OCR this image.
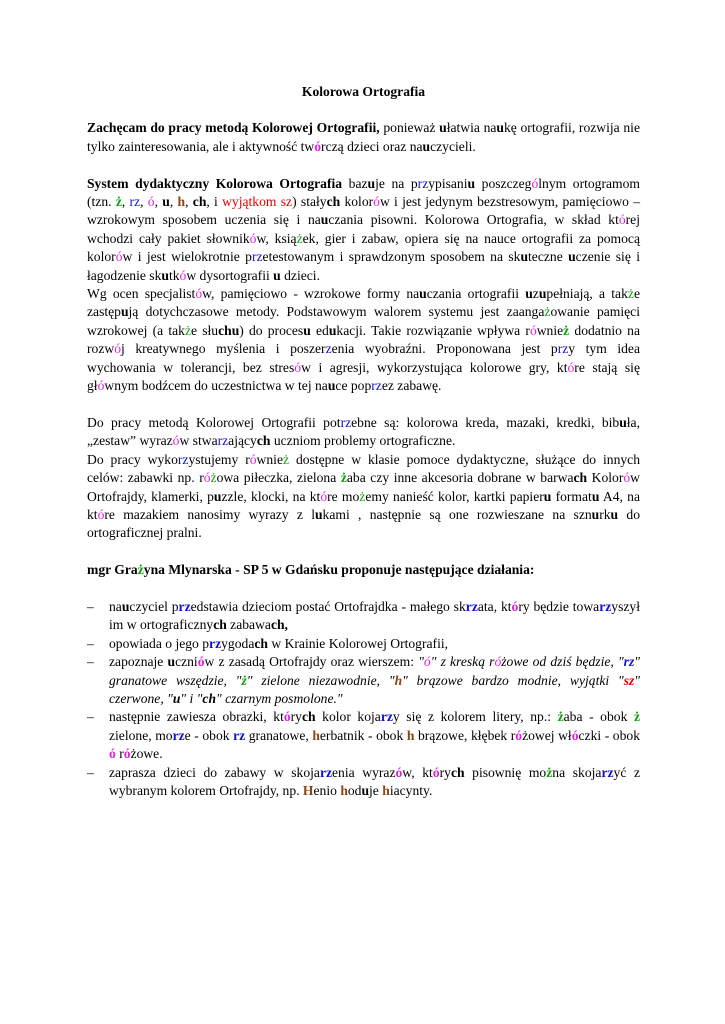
Kolorowa Ortografia

Zachęcam do pracy metodą Kolorowej Ortografii, ponieważ ułatwia naukę ortografii, rozwija nie tylko zainteresowania, ale i aktywność twórczą dzieci oraz nauczycieli.

System dydaktyczny Kolorowa Ortografia bazuje na przypisaniu poszczególnym ortogramom (tzn. ż, rz, ó, u, h, ch, i wyjątkom sz) stałych kolorów i jest jedynym bezstresowym, pamięciowo – wzrokowym sposobem uczenia się i nauczania pisowni. Kolorowa Ortografia, w skład której wchodzi cały pakiet słowników, książek, gier i zabaw, opiera się na nauce ortografii za pomocą kolorów i jest wielokrotnie przetestowanym i sprawdzonym sposobem na skuteczne uczenie się i łagodzenie skutków dysortografii u dzieci.

Wg ocen specjalistów, pamięciowo - wzrokowe formy nauczania ortografii uzupełniają, a także zastępują dotychczasowe metody. Podstawowym walorem systemu jest zaangażowanie pamięci wzrokowej (a także słuchu) do procesu edukacji. Takie rozwiązanie wpływa również dodatnio na rozwój kreatywnego myślenia i poszerzenia wyobraźni. Proponowana jest przy tym idea wychowania w tolerancji, bez stresów i agresji, wykorzystująca kolorowe gry, które stają się głównym bodźcem do uczestnictwa w tej nauce poprzez zabawę.

Do pracy metodą Kolorowej Ortografii potrzebne są: kolorowa kreda, mazaki, kredki, bibuła, „zestaw” wyrazów stwarzających uczniom problemy ortograficzne.

Do pracy wykorzystujemy również dostępne w klasie pomoce dydaktyczne, służące do innych celów: zabawki np. różowa piłeczka, zielona żaba czy inne akcesoria dobrane w barwach Kolorów Ortofrajdy, klamerki, puzzle, klocki, na które możemy nanieść kolor, kartki papieru formatu A4, na które mazakiem nanosimy wyrazy z lukami , następnie są one rozwieszane na sznurku do ortograficznej pralni.

mgr Grażyna Mlynarska - SP 5 w Gdańsku proponuje następujące działania:

– nauczyciel przedstawia dzieciom postać Ortofrajdka - małego skrzata, który będzie towarzyszył im w ortograficznych zabawach,
– opowiada o jego przygodach w Krainie Kolorowej Ortografii,
– zapoznaje uczniów z zasadą Ortofrajdy oraz wierszem: "ó" z kreską różowe od dziś będzie, "rz" granatowe wszędzie, "ż" zielone niezawodnie, "h" brązowe bardzo modnie, wyjątki "sz" czerwone, "u" i "ch" czarnym posmolone."
– następnie zawiesza obrazki, których kolor kojarzy się z kolorem litery, np.: żaba - obok ż zielone, morze - obok rz granatowe, herbatnik - obok h brązowe, kłębek różowej włóczki - obok ó różowe.
– zaprasza dzieci do zabawy w skojarzenia wyrazów, których pisownię można skojarzyć z wybranym kolorem Ortofrajdy, np. Henio hoduje hiacynty.
